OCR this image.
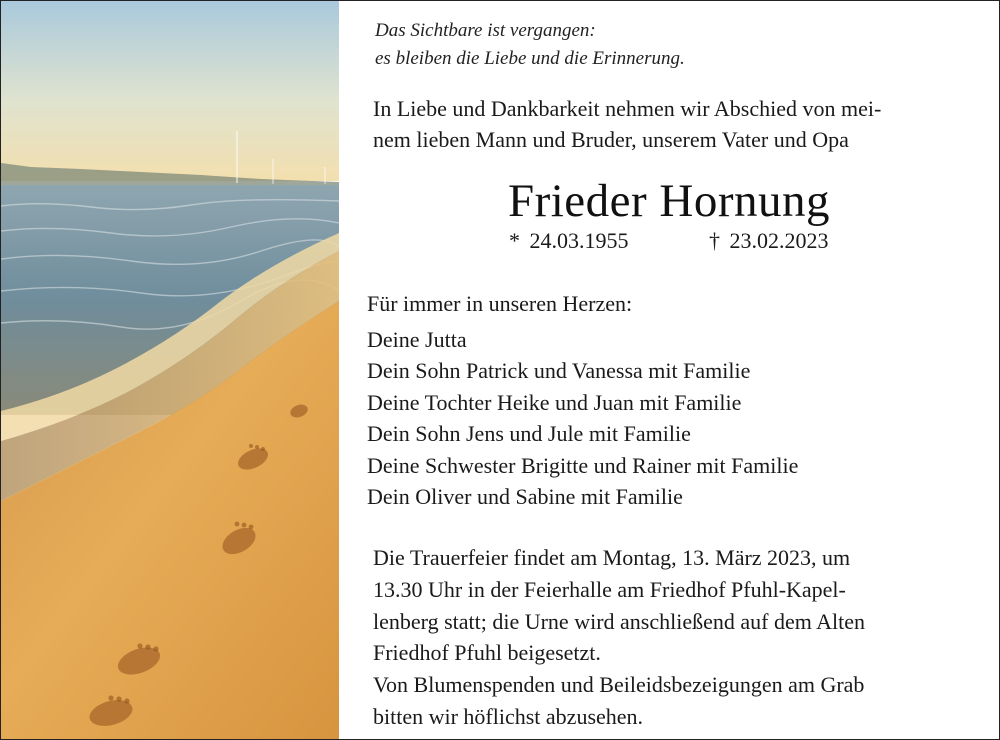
Das Sichtbare ist vergangen:
es bleiben die Liebe und die Erinnerung.
In Liebe und Dankbarkeit nehmen wir Abschied von mei-
nem lieben Mann und Bruder, unserem Vater und Opa
Frieder Hornung
* 24.03.1955	† 23.02.2023
Für immer in unseren Herzen:
Deine Jutta
Dein Sohn Patrick und Vanessa mit Familie
Deine Tochter Heike und Juan mit Familie
Dein Sohn Jens und Jule mit Familie
Deine Schwester Brigitte und Rainer mit Familie
Dein Oliver und Sabine mit Familie
Die Trauerfeier findet am Montag, 13. März 2023, um
13.30 Uhr in der Feierhalle am Friedhof Pfuhl-Kapel-
lenberg statt; die Urne wird anschließend auf dem Alten
Friedhof Pfuhl beigesetzt.
Von Blumenspenden und Beileidsbezeigungen am Grab
bitten wir höflichst abzusehen.
